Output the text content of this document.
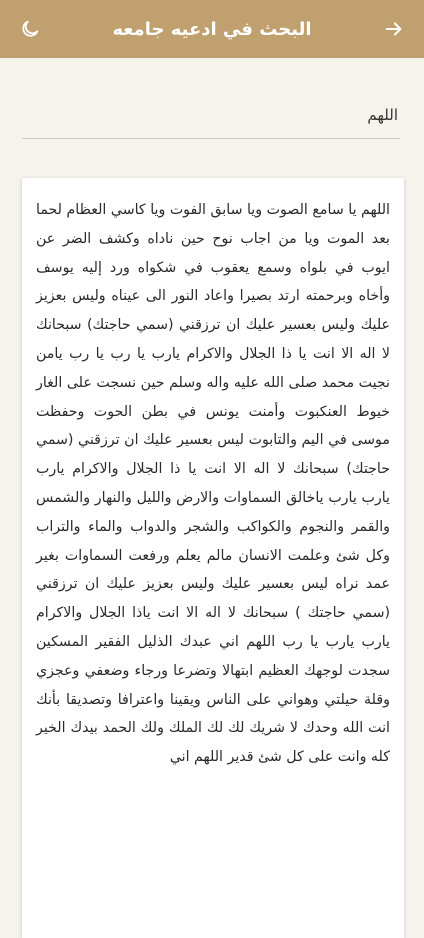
البحث في ادعيه جامعه
اللهم

اللهم يا سامع الصوت ويا سابق الفوت ويا كاسي العظام لحما بعد الموت ويا من اجاب نوح حين ناداه وكشف الضر عن ايوب في بلواه وسمع يعقوب في شكواه ورد إليه يوسف وأخاه وبرحمته ارتد بصيرا واعاد النور الى عيناه وليس بعزيز عليك وليس بعسير عليك ان ترزقني (سمي حاجتك) سبحانك لا اله الا انت يا ذا الجلال والاكرام يارب يا رب يا رب يامن نجيت محمد صلى الله عليه واله وسلم حين نسجت على الغار خيوط العنكبوت وأمنت يونس في بطن الحوت وحفظت موسى في اليم والتابوت ليس بعسير عليك ان ترزقني (سمي حاجتك) سبحانك لا اله الا انت يا ذا الجلال والاكرام يارب يارب يارب ياخالق السماوات والارض والليل والنهار والشمس والقمر والنجوم والكواكب والشجر والدواب والماء والتراب وكل شئ وعلمت الانسان مالم يعلم ورفعت السماوات بغير عمد نراه ليس بعسير عليك وليس بعزيز عليك ان ترزقني (سمي حاجتك ) سبحانك لا اله الا انت ياذا الجلال والاكرام يارب يارب يا رب اللهم اني عبدك الذليل الفقير المسكين سجدت لوجهك العظيم ابتهالا وتضرعا ورجاء وضعفي وعجزي وقلة حيلتي وهواني على الناس ويقينا واعترافا وتصديقا بأنك انت الله وحدك لا شريك لك لك الملك ولك الحمد بيدك الخير كله وانت على كل شئ قدير اللهم اني
